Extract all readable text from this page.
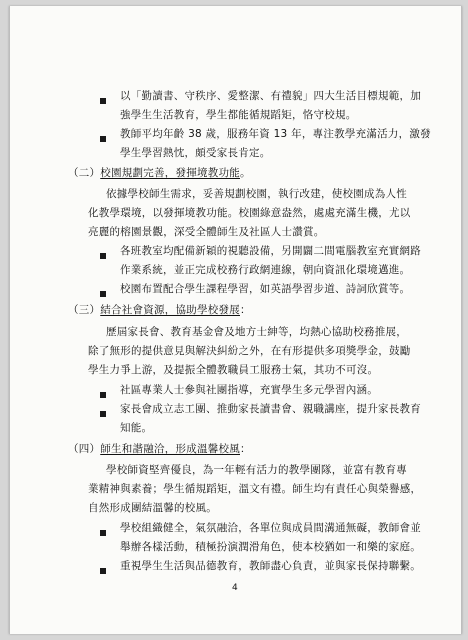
以「勤讀書、守秩序、愛整潔、有禮貌」四大生活目標規範，加
強學生生活教育，學生都能循規蹈矩，恪守校規。
教師平均年齡 38 歲，服務年資 13 年，專注教學充滿活力，激發
學生學習熱忱，頗受家長肯定。
（二）校園規劃完善，發揮境教功能。
依據學校師生需求，妥善規劃校園，執行改建，使校園成為人性
化教學環境，以發揮境教功能。校園綠意盎然，處處充滿生機，尤以
亮麗的榕園景觀，深受全體師生及社區人士讚賞。
各班教室均配備新穎的視聽設備，另開闢二間電腦教室充實網路
作業系統，並正完成校務行政網連線，朝向資訊化環境邁進。
校園布置配合學生課程學習，如英語學習步道、詩詞欣賞等。
（三）結合社會資源，協助學校發展：
歷屆家長會、教育基金會及地方士紳等，均熱心協助校務推展，
除了無形的提供意見與解決糾紛之外，在有形提供多項獎學金，鼓勵
學生力爭上游，及提振全體教職員工服務士氣，其功不可沒。
社區專業人士參與社團指導，充實學生多元學習內涵。
家長會成立志工團、推動家長讀書會、親職講座，提升家長教育
知能。
（四）師生和諧融洽，形成溫馨校風：
學校師資堅齊優良，為一年輕有活力的教學團隊，並富有教育專
業精神與素養；學生循規蹈矩，溫文有禮。師生均有責任心與榮譽感，
自然形成團結溫馨的校風。
學校組織健全，氣氛融洽，各單位與成員間溝通無礙，教師會並
舉辦各樣活動，積極扮演潤滑角色，使本校猶如一和樂的家庭。
重視學生生活與品德教育，教師盡心負責，並與家長保持聯繫。
4
